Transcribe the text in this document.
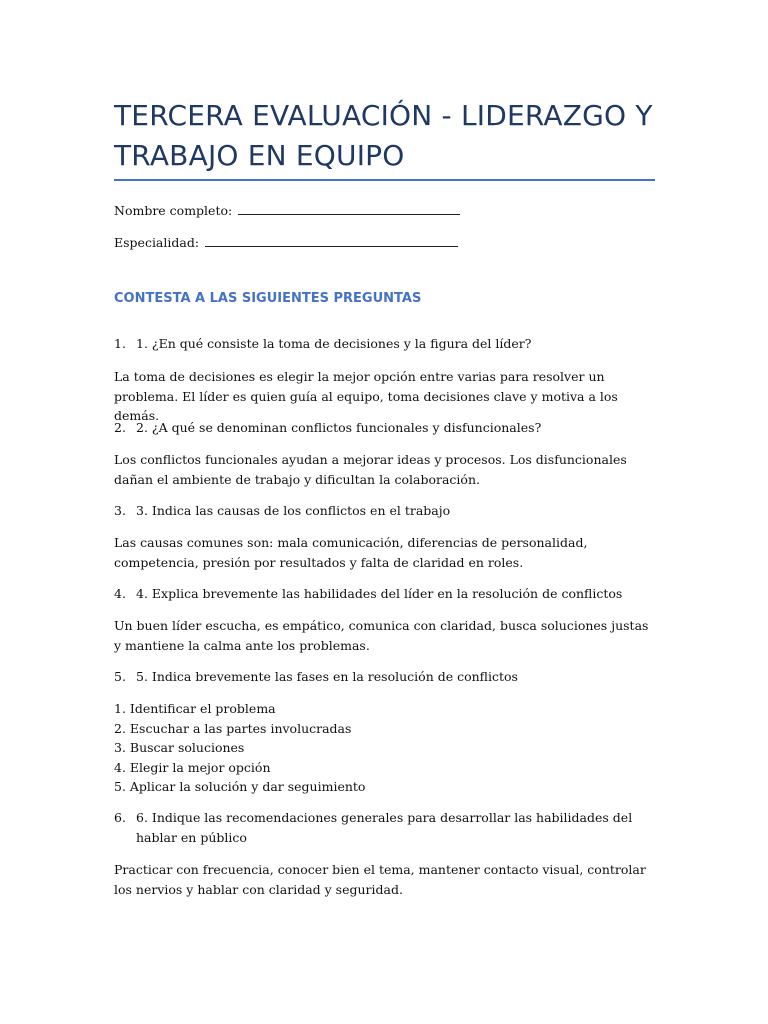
TERCERA EVALUACIÓN - LIDERAZGO Y
TRABAJO EN EQUIPO
Nombre completo:
Especialidad:
CONTESTA A LAS SIGUIENTES PREGUNTAS
1. 1. ¿En qué consiste la toma de decisiones y la figura del líder?
La toma de decisiones es elegir la mejor opción entre varias para resolver un problema. El líder es quien guía al equipo, toma decisiones clave y motiva a los demás.
2. 2. ¿A qué se denominan conflictos funcionales y disfuncionales?
Los conflictos funcionales ayudan a mejorar ideas y procesos. Los disfuncionales dañan el ambiente de trabajo y dificultan la colaboración.
3. 3. Indica las causas de los conflictos en el trabajo
Las causas comunes son: mala comunicación, diferencias de personalidad, competencia, presión por resultados y falta de claridad en roles.
4. 4. Explica brevemente las habilidades del líder en la resolución de conflictos
Un buen líder escucha, es empático, comunica con claridad, busca soluciones justas y mantiene la calma ante los problemas.
5. 5. Indica brevemente las fases en la resolución de conflictos
1. Identificar el problema
2. Escuchar a las partes involucradas
3. Buscar soluciones
4. Elegir la mejor opción
5. Aplicar la solución y dar seguimiento
6. 6. Indique las recomendaciones generales para desarrollar las habilidades del hablar en público
Practicar con frecuencia, conocer bien el tema, mantener contacto visual, controlar los nervios y hablar con claridad y seguridad.
